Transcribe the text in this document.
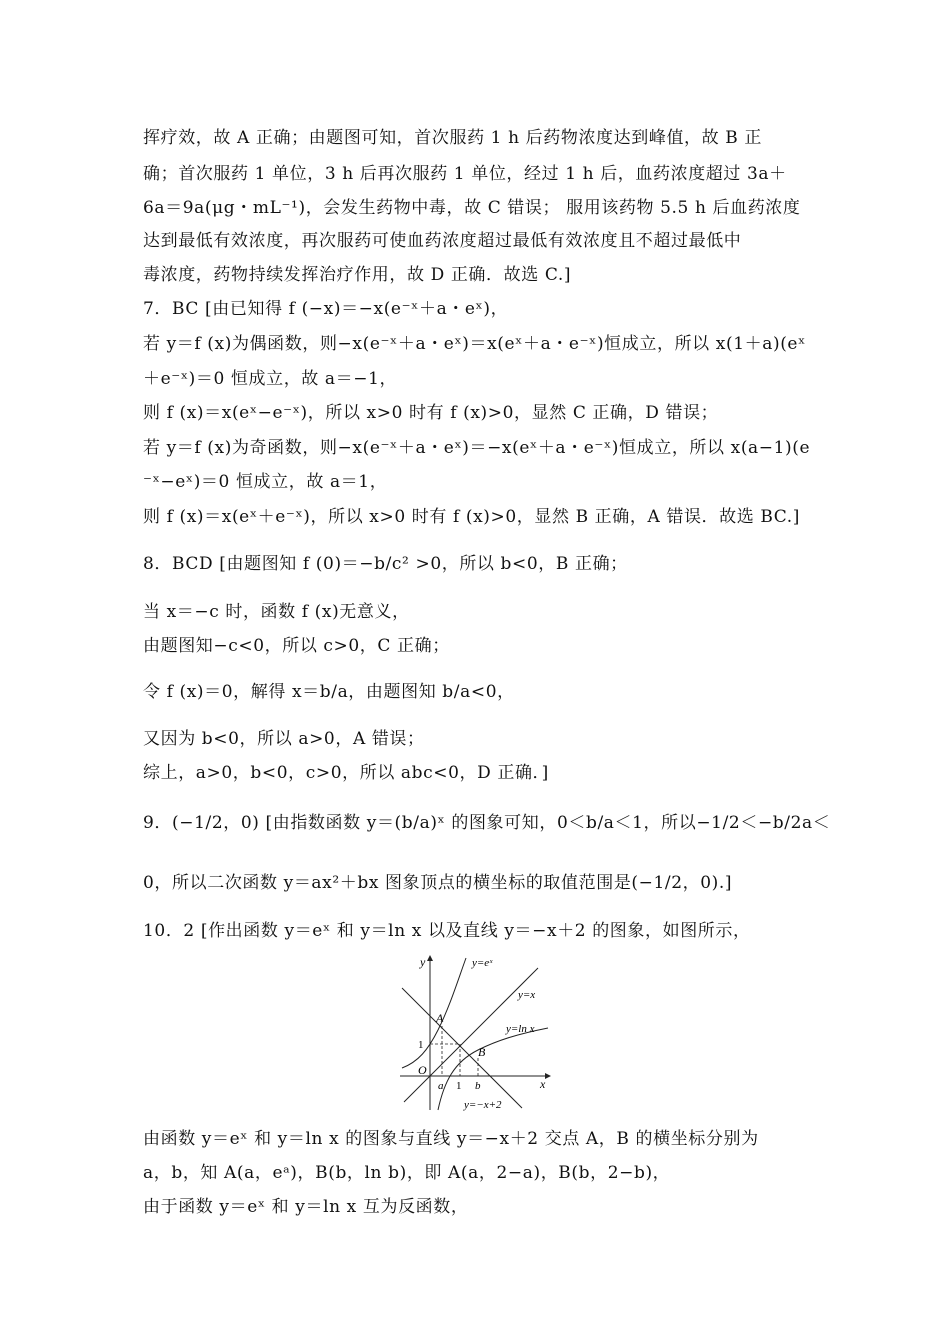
挥疗效，故 A 正确；由题图可知，首次服药 1 h 后药物浓度达到峰值，故 B 正
确；首次服药 1 单位，3 h 后再次服药 1 单位，经过 1 h 后，血药浓度超过 3a＋
6a＝9a(μg・mL⁻¹)，会发生药物中毒，故 C 错误； 服用该药物 5.5 h 后血药浓度
达到最低有效浓度，再次服药可使血药浓度超过最低有效浓度且不超过最低中
毒浓度，药物持续发挥治疗作用，故 D 正确．故选 C.]
7．BC [由已知得 f (−x)＝−x(e⁻ˣ＋a・eˣ)，
若 y＝f (x)为偶函数，则−x(e⁻ˣ＋a・eˣ)＝x(eˣ＋a・e⁻ˣ)恒成立，所以 x(1＋a)(eˣ
＋e⁻ˣ)＝0 恒成立，故 a＝−1，
则 f (x)＝x(eˣ−e⁻ˣ)，所以 x>0 时有 f (x)>0，显然 C 正确，D 错误；
若 y＝f (x)为奇函数，则−x(e⁻ˣ＋a・eˣ)＝−x(eˣ＋a・e⁻ˣ)恒成立，所以 x(a−1)(e
⁻ˣ−eˣ)＝0 恒成立，故 a＝1，
则 f (x)＝x(eˣ＋e⁻ˣ)，所以 x>0 时有 f (x)>0，显然 B 正确，A 错误．故选 BC.]
8．BCD [由题图知 f (0)＝−b/c² >0，所以 b<0，B 正确；
当 x＝−c 时，函数 f (x)无意义，
由题图知−c<0，所以 c>0，C 正确；
令 f (x)＝0，解得 x＝b/a，由题图知 b/a<0，
又因为 b<0，所以 a>0，A 错误；
综上，a>0，b<0，c>0，所以 abc<0，D 正确．]
9．(−1/2，0) [由指数函数 y＝(b/a)ˣ 的图象可知，0＜b/a＜1，所以−1/2＜−b/2a＜
0，所以二次函数 y＝ax²＋bx 图象顶点的横坐标的取值范围是(−1/2，0).]
10．2 [作出函数 y＝eˣ 和 y＝ln x 以及直线 y＝−x＋2 的图象，如图所示，
y
x
O
y=eˣ
y=x
y=ln x
y=−x+2
A
B
1
a 1 b
由函数 y＝eˣ 和 y＝ln x 的图象与直线 y＝−x＋2 交点 A，B 的横坐标分别为
a，b，知 A(a，eᵃ)，B(b，ln b)，即 A(a，2−a)，B(b，2−b)，
由于函数 y＝eˣ 和 y＝ln x 互为反函数，
